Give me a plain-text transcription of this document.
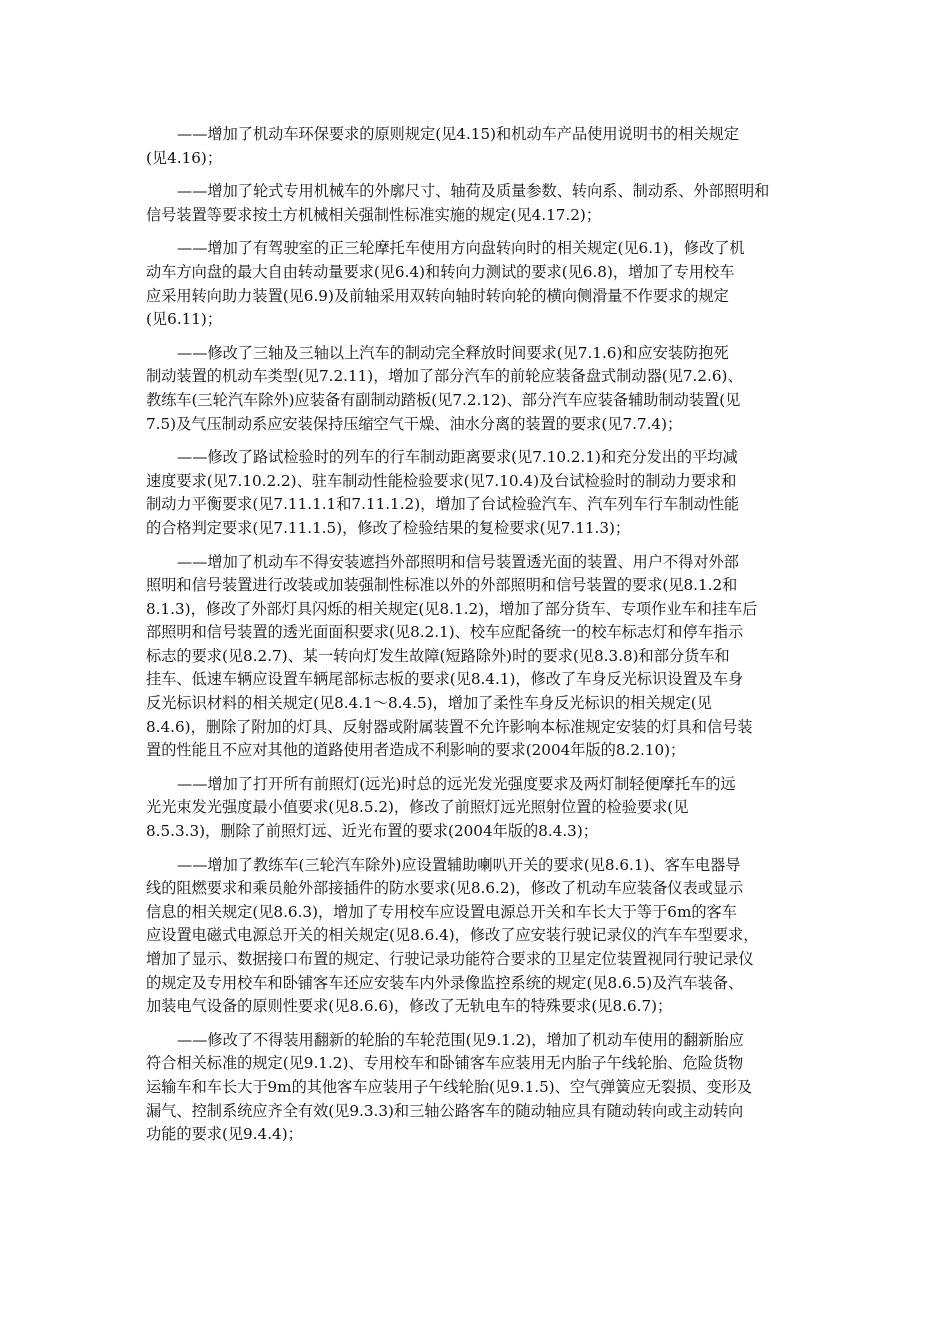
——增加了机动车环保要求的原则规定(见4.15)和机动车产品使用说明书的相关规定
(见4.16)；

——增加了轮式专用机械车的外廓尺寸、轴荷及质量参数、转向系、制动系、外部照明和
信号装置等要求按土方机械相关强制性标准实施的规定(见4.17.2)；

——增加了有驾驶室的正三轮摩托车使用方向盘转向时的相关规定(见6.1)，修改了机
动车方向盘的最大自由转动量要求(见6.4)和转向力测试的要求(见6.8)，增加了专用校车
应采用转向助力装置(见6.9)及前轴采用双转向轴时转向轮的横向侧滑量不作要求的规定
(见6.11)；

——修改了三轴及三轴以上汽车的制动完全释放时间要求(见7.1.6)和应安装防抱死
制动装置的机动车类型(见7.2.11)，增加了部分汽车的前轮应装备盘式制动器(见7.2.6)、
教练车(三轮汽车除外)应装备有副制动踏板(见7.2.12)、部分汽车应装备辅助制动装置(见
7.5)及气压制动系应安装保持压缩空气干燥、油水分离的装置的要求(见7.7.4)；

——修改了路试检验时的列车的行车制动距离要求(见7.10.2.1)和充分发出的平均减
速度要求(见7.10.2.2)、驻车制动性能检验要求(见7.10.4)及台试检验时的制动力要求和
制动力平衡要求(见7.11.1.1和7.11.1.2)，增加了台试检验汽车、汽车列车行车制动性能
的合格判定要求(见7.11.1.5)，修改了检验结果的复检要求(见7.11.3)；

——增加了机动车不得安装遮挡外部照明和信号装置透光面的装置、用户不得对外部
照明和信号装置进行改装或加装强制性标准以外的外部照明和信号装置的要求(见8.1.2和
8.1.3)，修改了外部灯具闪烁的相关规定(见8.1.2)，增加了部分货车、专项作业车和挂车后
部照明和信号装置的透光面面积要求(见8.2.1)、校车应配备统一的校车标志灯和停车指示
标志的要求(见8.2.7)、某一转向灯发生故障(短路除外)时的要求(见8.3.8)和部分货车和
挂车、低速车辆应设置车辆尾部标志板的要求(见8.4.1)，修改了车身反光标识设置及车身
反光标识材料的相关规定(见8.4.1～8.4.5)，增加了柔性车身反光标识的相关规定(见
8.4.6)，删除了附加的灯具、反射器或附属装置不允许影响本标准规定安装的灯具和信号装
置的性能且不应对其他的道路使用者造成不利影响的要求(2004年版的8.2.10)；

——增加了打开所有前照灯(远光)时总的远光发光强度要求及两灯制轻便摩托车的远
光光束发光强度最小值要求(见8.5.2)，修改了前照灯远光照射位置的检验要求(见
8.5.3.3)，删除了前照灯远、近光布置的要求(2004年版的8.4.3)；

——增加了教练车(三轮汽车除外)应设置辅助喇叭开关的要求(见8.6.1)、客车电器导
线的阻燃要求和乘员舱外部接插件的防水要求(见8.6.2)，修改了机动车应装备仪表或显示
信息的相关规定(见8.6.3)，增加了专用校车应设置电源总开关和车长大于等于6m的客车
应设置电磁式电源总开关的相关规定(见8.6.4)，修改了应安装行驶记录仪的汽车车型要求，
增加了显示、数据接口布置的规定、行驶记录功能符合要求的卫星定位装置视同行驶记录仪
的规定及专用校车和卧铺客车还应安装车内外录像监控系统的规定(见8.6.5)及汽车装备、
加装电气设备的原则性要求(见8.6.6)，修改了无轨电车的特殊要求(见8.6.7)；

——修改了不得装用翻新的轮胎的车轮范围(见9.1.2)，增加了机动车使用的翻新胎应
符合相关标准的规定(见9.1.2)、专用校车和卧铺客车应装用无内胎子午线轮胎、危险货物
运输车和车长大于9m的其他客车应装用子午线轮胎(见9.1.5)、空气弹簧应无裂损、变形及
漏气、控制系统应齐全有效(见9.3.3)和三轴公路客车的随动轴应具有随动转向或主动转向
功能的要求(见9.4.4)；
